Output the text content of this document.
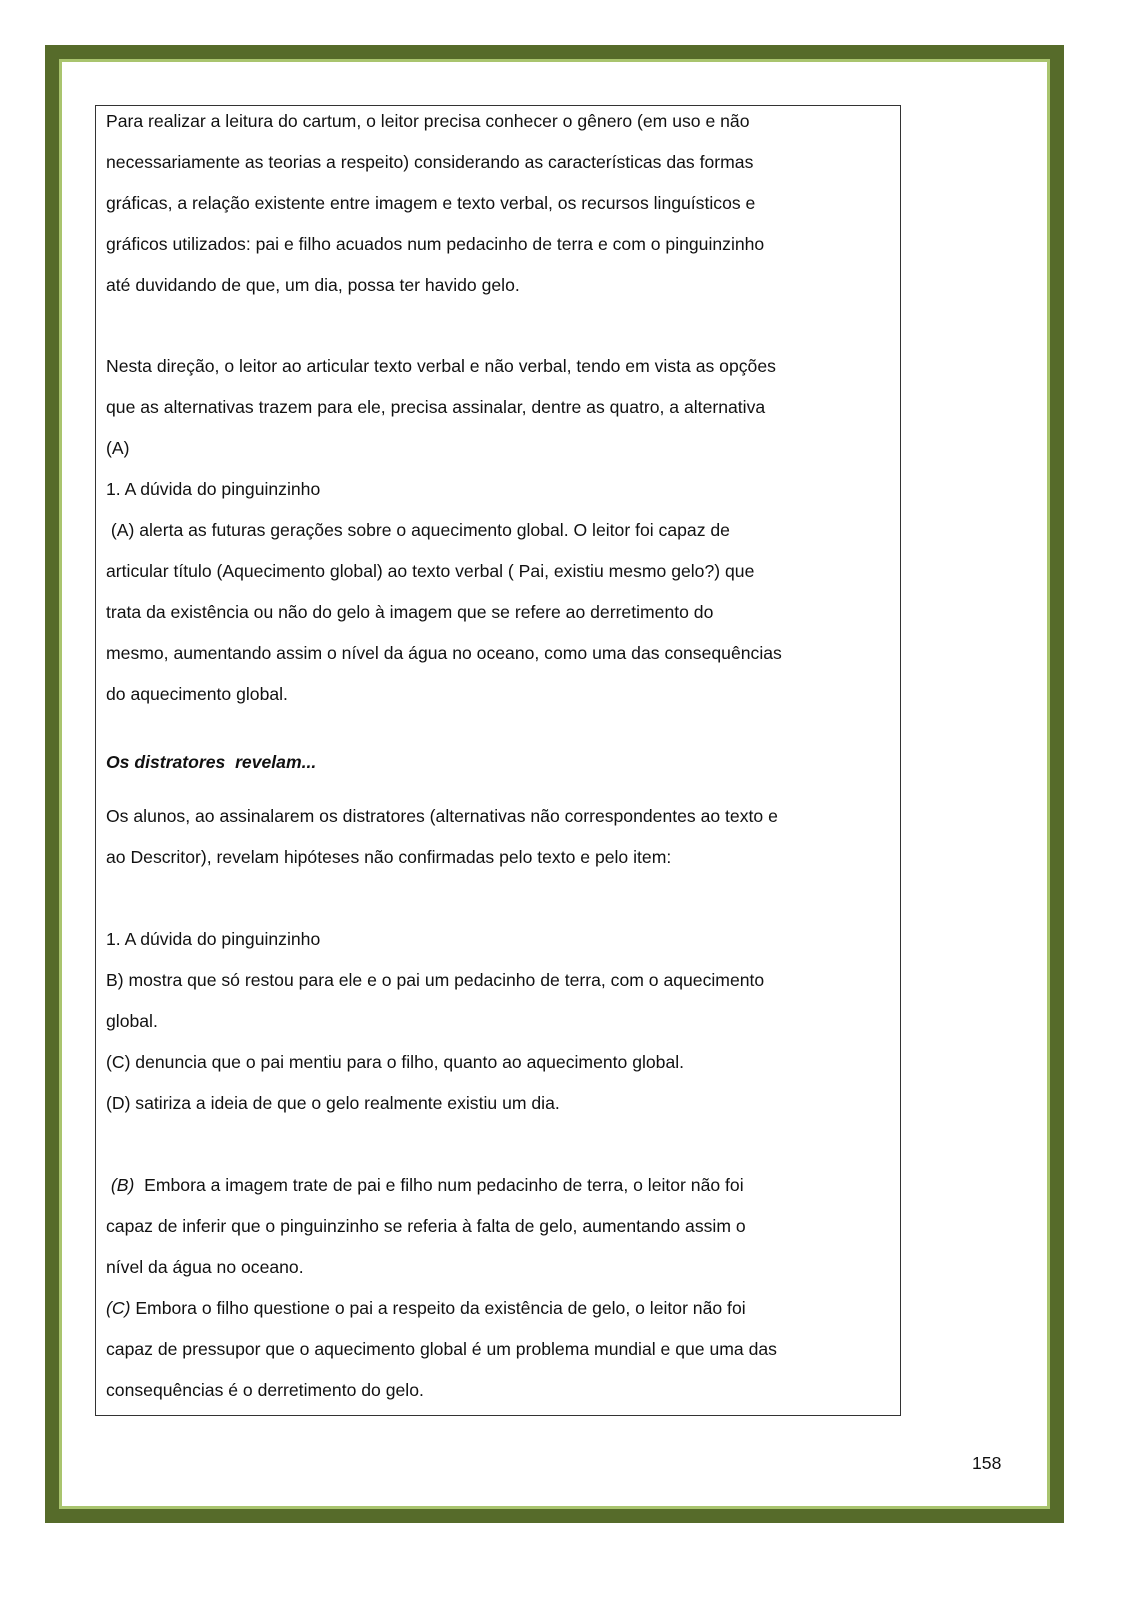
Para realizar a leitura do cartum, o leitor precisa conhecer o gênero (em uso e não
necessariamente as teorias a respeito) considerando as características das formas
gráficas, a relação existente entre imagem e texto verbal, os recursos linguísticos e
gráficos utilizados: pai e filho acuados num pedacinho de terra e com o pinguinzinho
até duvidando de que, um dia, possa ter havido gelo.
Nesta direção, o leitor ao articular texto verbal e não verbal, tendo em vista as opções
que as alternativas trazem para ele, precisa assinalar, dentre as quatro, a alternativa
(A)
1. A dúvida do pinguinzinho
(A) alerta as futuras gerações sobre o aquecimento global. O leitor foi capaz de
articular título (Aquecimento global) ao texto verbal ( Pai, existiu mesmo gelo?) que
trata da existência ou não do gelo à imagem que se refere ao derretimento do
mesmo, aumentando assim o nível da água no oceano, como uma das consequências
do aquecimento global.
Os distratores  revelam...
Os alunos, ao assinalarem os distratores (alternativas não correspondentes ao texto e
ao Descritor), revelam hipóteses não confirmadas pelo texto e pelo item:
1. A dúvida do pinguinzinho
B) mostra que só restou para ele e o pai um pedacinho de terra, com o aquecimento
global.
(C) denuncia que o pai mentiu para o filho, quanto ao aquecimento global.
(D) satiriza a ideia de que o gelo realmente existiu um dia.
(B)  Embora a imagem trate de pai e filho num pedacinho de terra, o leitor não foi
capaz de inferir que o pinguinzinho se referia à falta de gelo, aumentando assim o
nível da água no oceano.
(C) Embora o filho questione o pai a respeito da existência de gelo, o leitor não foi
capaz de pressupor que o aquecimento global é um problema mundial e que uma das
consequências é o derretimento do gelo.
158
